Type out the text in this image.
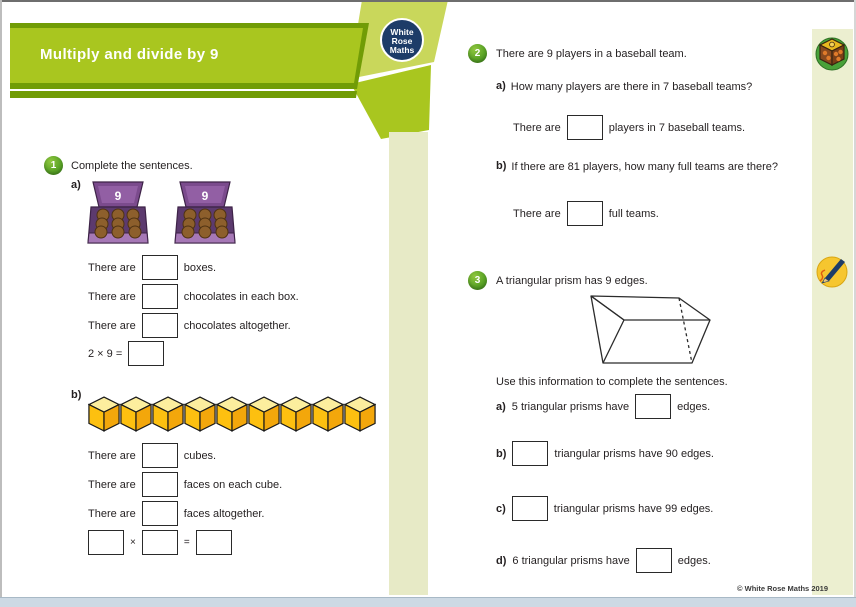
White
Rose
Maths
Multiply and divide by 9
1	Complete the sentences.
a)
There are	boxes.
There are	chocolates in each box.
There are	chocolates altogether.
2 × 9 =
b)
There are	cubes.
There are	faces on each cube.
There are	faces altogether.
×	=
2	There are 9 players in a baseball team.
a) How many players are there in 7 baseball teams?
There are	players in 7 baseball teams.
b) If there are 81 players, how many full teams are there?
There are	full teams.
3	A triangular prism has 9 edges.
Use this information to complete the sentences.
a) 5 triangular prisms have	edges.
b)	triangular prisms have 90 edges.
c)	triangular prisms have 99 edges.
d) 6 triangular prisms have	edges.
© White Rose Maths 2019
